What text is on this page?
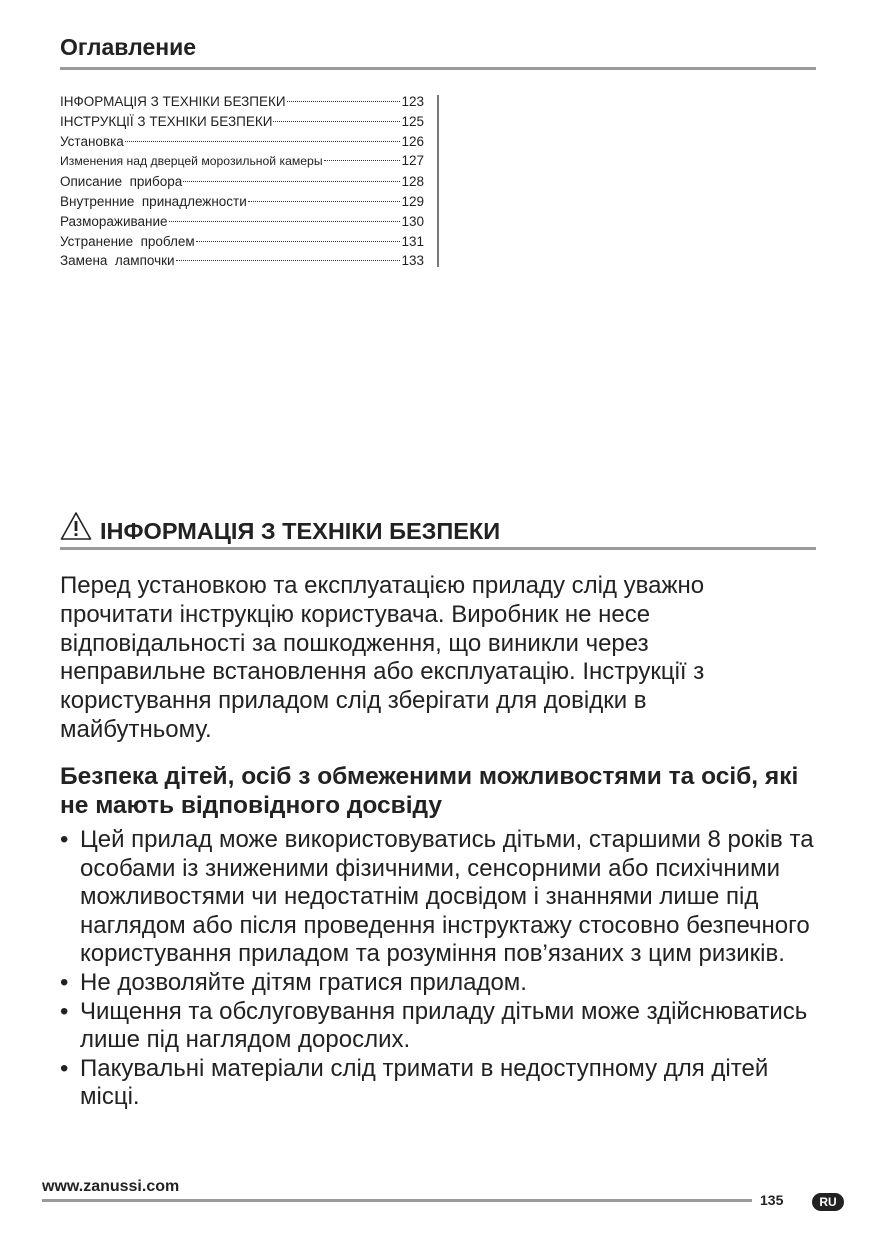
Оглавление
ІНФОРМАЦІЯ З ТЕХНІКИ БЕЗПЕКИ	123
ІНСТРУКЦІЇ З ТЕХНІКИ БЕЗПЕКИ	125
Установка	126
Изменения над дверцей морозильной камеры	127
Описание  прибора	128
Внутренние  принадлежности	129
Размораживание	130
Устранение  проблем	131
Замена  лампочки	133
ІНФОРМАЦІЯ З ТЕХНІКИ БЕЗПЕКИ

Перед установкою та експлуатацією приладу слід уважно прочитати інструкцію користувача. Виробник не несе відповідальності за пошкодження, що виникли через неправильне встановлення або експлуатацію. Інструкції з користування приладом слід зберігати для довідки в майбутньому.

Безпека дітей, осіб з обмеженими можливостями та осіб, які не мають відповідного досвіду
• Цей прилад може використовуватись дітьми, старшими 8 років та особами із зниженими фізичними, сенсорними або психічними можливостями чи недостатнім досвідом і знаннями лише під наглядом або після проведення інструктажу стосовно безпечного користування приладом та розуміння пов’язаних з цим ризиків.
• Не дозволяйте дітям гратися приладом.
• Чищення та обслуговування приладу дітьми може здійснюватись лише під наглядом дорослих.
• Пакувальні матеріали слід тримати в недоступному для дітей місці.
www.zanussi.com
135	RU
